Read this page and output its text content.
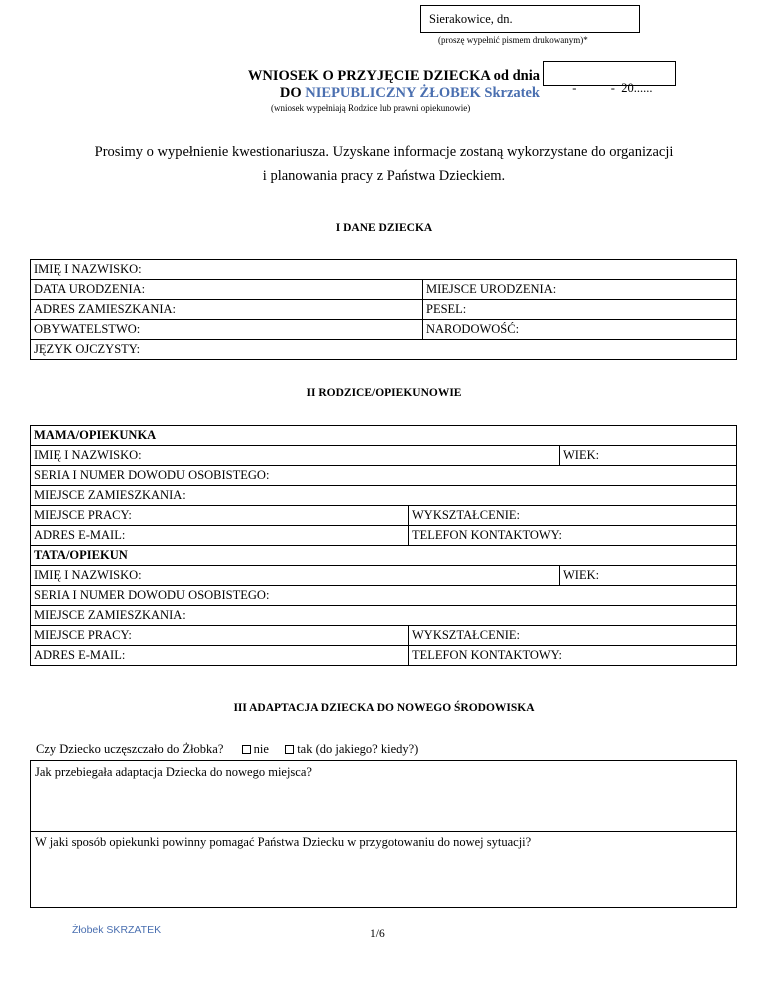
Sierakowice, dn.
(proszę wypełnić pismem drukowanym)*
WNIOSEK O PRZYJĘCIE DZIECKA od dnia
DO NIEPUBLICZNY ŻŁOBEK Skrzatek	-           -  20......

(wniosek wypełniają Rodzice lub prawni opiekunowie)
Prosimy o wypełnienie kwestionariusza. Uzyskane informacje zostaną wykorzystane do organizacji
i planowania pracy z Państwa Dzieckiem.
I DANE DZIECKA
IMIĘ I NAZWISKO:	
DATA URODZENIA:	MIEJSCE URODZENIA:
ADRES ZAMIESZKANIA:	PESEL:
OBYWATELSTWO:	NARODOWOŚĆ:
JĘZYK OJCZYSTY:	
II RODZICE/OPIEKUNOWIE
MAMA/OPIEKUNKA		
IMIĘ I NAZWISKO:		WIEK:
SERIA I NUMER DOWODU OSOBISTEGO:		
MIEJSCE ZAMIESZKANIA:		
MIEJSCE PRACY:	WYKSZTAŁCENIE:	
ADRES E-MAIL:	TELEFON KONTAKTOWY:	
TATA/OPIEKUN		
IMIĘ I NAZWISKO:		WIEK:
SERIA I NUMER DOWODU OSOBISTEGO:		
MIEJSCE ZAMIESZKANIA:		
MIEJSCE PRACY:	WYKSZTAŁCENIE:	
ADRES E-MAIL:	TELEFON KONTAKTOWY:	
III ADAPTACJA DZIECKA DO NOWEGO ŚRODOWISKA
Czy Dziecko uczęszczało do Żłobka? nie tak (do jakiego? kiedy?)
Jak przebiegała adaptacja Dziecka do nowego miejsca?
W jaki sposób opiekunki powinny pomagać Państwa Dziecku w przygotowaniu do nowej sytuacji?
Żłobek SKRZATEK	1/6
